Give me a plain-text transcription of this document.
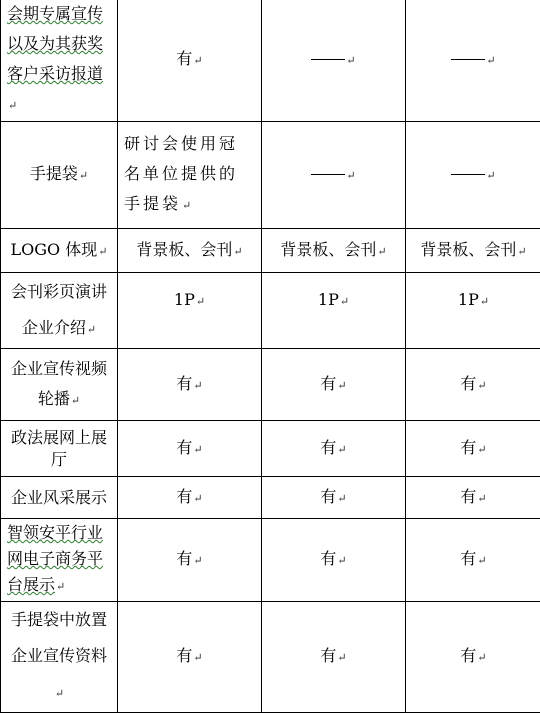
会期专属宣传以及为其获奖客户采访报道↵	有↵	↵	↵
手提袋↵	研讨会使用冠名单位提供的手提袋↵	↵	↵
LOGO 体现↵	背景板、会刊↵	背景板、会刊↵	背景板、会刊↵
会刊彩页演讲企业介绍↵	1P↵	1P↵	1P↵
企业宣传视频轮播↵	有↵	有↵	有↵
政法展网上展厅	有↵	有↵	有↵
企业风采展示	有↵	有↵	有↵
智领安平行业网电子商务平台展示↵	有↵	有↵	有↵
手提袋中放置企业宣传资料↵	有↵	有↵	有↵
